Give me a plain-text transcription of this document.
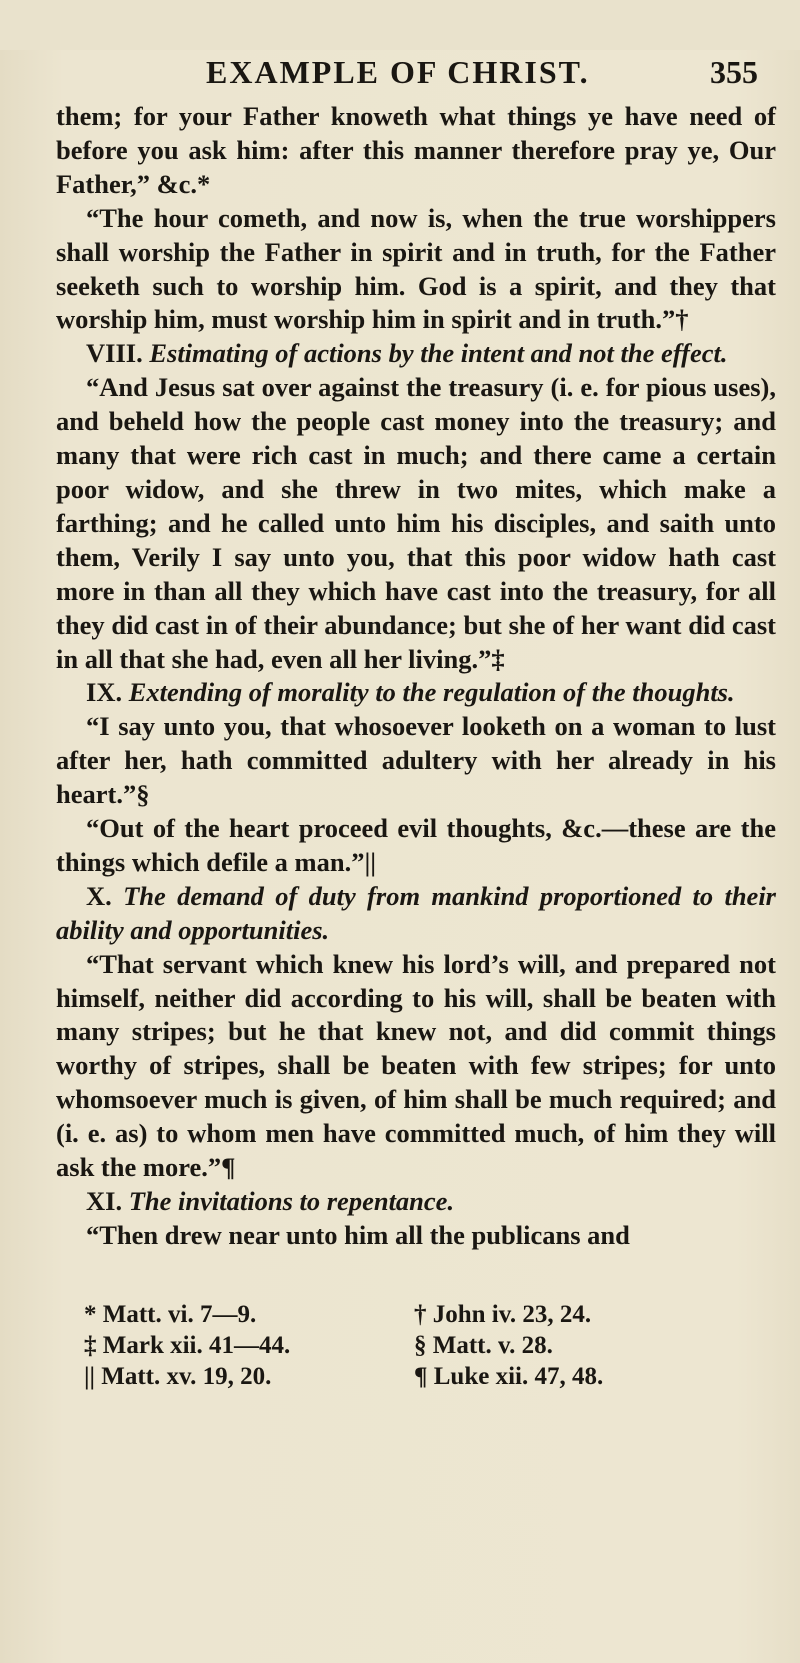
EXAMPLE OF CHRIST.	355

them; for your Father knoweth what things ye have need of before you ask him: after this manner therefore pray ye, Our Father,” &c.*

“The hour cometh, and now is, when the true worshippers shall worship the Father in spirit and in truth, for the Father seeketh such to worship him. God is a spirit, and they that worship him, must worship him in spirit and in truth.”†

VIII. Estimating of actions by the intent and not the effect.

“And Jesus sat over against the treasury (i. e. for pious uses), and beheld how the people cast money into the treasury; and many that were rich cast in much; and there came a certain poor widow, and she threw in two mites, which make a farthing; and he called unto him his disciples, and saith unto them, Verily I say unto you, that this poor widow hath cast more in than all they which have cast into the treasury, for all they did cast in of their abundance; but she of her want did cast in all that she had, even all her living.”‡

IX. Extending of morality to the regulation of the thoughts.

“I say unto you, that whosoever looketh on a woman to lust after her, hath committed adultery with her already in his heart.”§

“Out of the heart proceed evil thoughts, &c.—these are the things which defile a man.”||

X. The demand of duty from mankind proportioned to their ability and opportunities.

“That servant which knew his lord’s will, and prepared not himself, neither did according to his will, shall be beaten with many stripes; but he that knew not, and did commit things worthy of stripes, shall be beaten with few stripes; for unto whomsoever much is given, of him shall be much required; and (i. e. as) to whom men have committed much, of him they will ask the more.”¶

XI. The invitations to repentance.

“Then drew near unto him all the publicans and

* Matt. vi. 7—9.	† John iv. 23, 24.
‡ Mark xii. 41—44.	§ Matt. v. 28.
|| Matt. xv. 19, 20.	¶ Luke xii. 47, 48.
